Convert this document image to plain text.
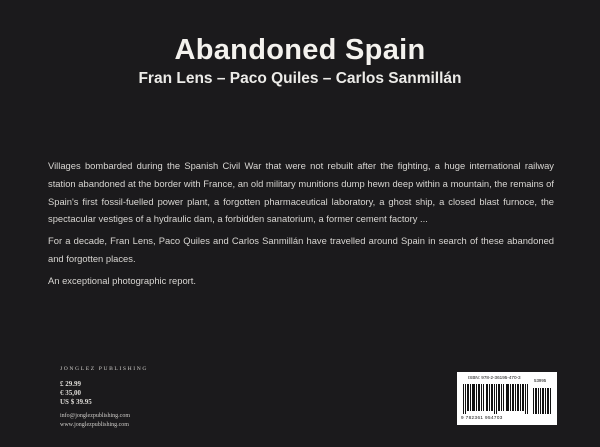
Abandoned Spain
Fran Lens – Paco Quiles – Carlos Sanmillán

Villages bombarded during the Spanish Civil War that were not rebuilt after the fighting, a huge international railway station abandoned at the border with France, an old military munitions dump hewn deep within a mountain, the remains of Spain's first fossil-fuelled power plant, a forgotten pharmaceutical laboratory, a ghost ship, a closed blast furnoce, the spectacular vestiges of a hydraulic dam, a forbidden sanatorium, a former cement factory ...

For a decade, Fran Lens, Paco Quiles and Carlos Sanmillán have travelled around Spain in search of these abandoned and forgotten places.

An exceptional photographic report.

JONGLEZ PUBLISHING
£ 29.99
€ 35,00
US $ 39.95
info@jonglezpublishing.com
www.jonglezpublishing.com
ISBN: 978-2-36195-470-3
53995
9 782361 954703
